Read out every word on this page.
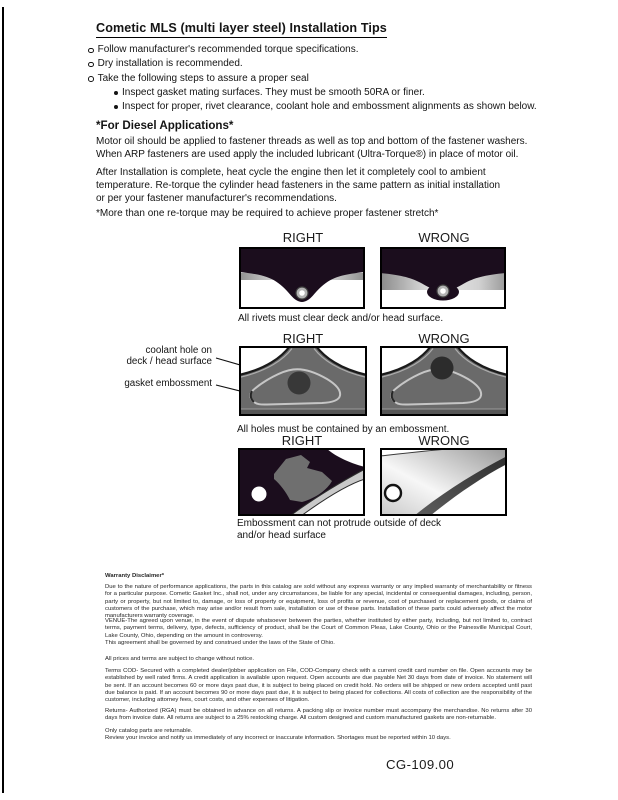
Cometic MLS (multi layer steel) Installation Tips
Follow manufacturer's recommended torque specifications.
Dry installation is recommended.
Take the following steps to assure a proper seal
Inspect gasket mating surfaces. They must be smooth 50RA or finer.
Inspect for proper, rivet clearance, coolant hole and embossment alignments as shown below.
*For Diesel Applications*
Motor oil should be applied to fastener threads as well as top and bottom of the fastener washers.
When ARP fasteners are used apply the included lubricant (Ultra-Torque®) in place of motor oil.
After Installation is complete, heat cycle the engine then let it completely cool to ambient
temperature. Re-torque the cylinder head fasteners in the same pattern as initial installation
or per your fastener manufacturer's recommendations.
*More than one re-torque may be required to achieve proper fastener stretch*
RIGHT	WRONG
All rivets must clear deck and/or head surface.
RIGHT	WRONG
coolant hole on
deck / head surface
gasket embossment
All holes must be contained by an embossment.
RIGHT	WRONG
Embossment can not protrude outside of deck
and/or head surface
Warranty Disclaimer*
Due to the nature of performance applications, the parts in this catalog are sold without any express warranty or any implied warranty of merchantability or fitness for a particular purpose. Cometic Gasket Inc., shall not, under any circumstances, be liable for any special, incidental or consequential damages, including, person, party or property, but not limited to, damage, or loss of property or equipment, loss of profits or revenue, cost of purchased or replacement goods, or claims of customers of the purchase, which may arise and/or result from sale, installation or use of these parts. Installation of these parts could adversely affect the motor manufacturers warranty coverage.
VENUE-The agreed upon venue, in the event of dispute whatsoever between the parties, whether instituted by either party, including, but not limited to, contract terms, payment terms, delivery, type, defects, sufficiency of product, shall be the Court of Common Pleas, Lake County, Ohio or the Painesville Municipal Court, Lake County, Ohio, depending on the amount in controversy.
This agreement shall be governed by and construed under the laws of the State of Ohio.
All prices and terms are subject to change without notice.
Terms COD- Secured with a completed dealer/jobber application on File, COD-Company check with a current credit card number on file. Open accounts may be established by well rated firms. A credit application is available upon request. Open accounts are due payable Net 30 days from date of invoice. No statement will be sent. If an account becomes 60 or more days past due, it is subject to being placed on credit hold. No orders will be shipped or new orders accepted until past due balance is paid. If an account becomes 90 or more days past due, it is subject to being placed for collections. All costs of collection are the responsibility of the customer, including attorney fees, court costs, and other expenses of litigation.
Returns- Authorized (RGA) must be obtained in advance on all returns. A packing slip or invoice number must accompany the merchandise. No returns after 30 days from invoice date. All returns are subject to a 25% restocking charge. All custom designed and custom manufactured gaskets are non-returnable.
Only catalog parts are returnable.
Review your invoice and notify us immediately of any incorrect or inaccurate information. Shortages must be reported within 10 days.
CG-109.00
